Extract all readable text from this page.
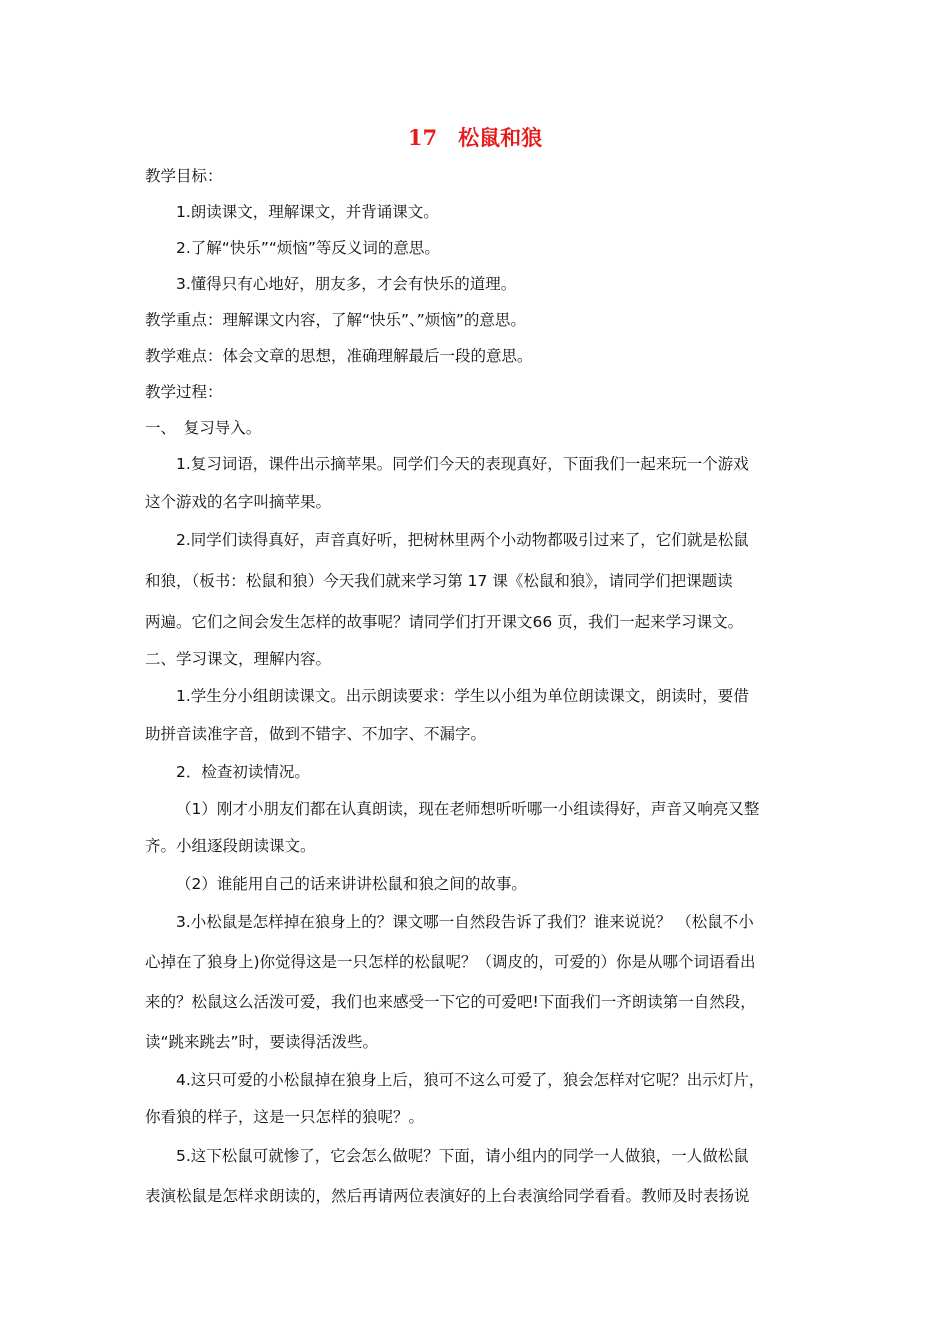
17　松鼠和狼
教学目标：
1.朗读课文，理解课文，并背诵课文。
2.了解“快乐”“烦恼”等反义词的意思。
3.懂得只有心地好，朋友多，才会有快乐的道理。
教学重点：理解课文内容，了解“快乐”、”烦恼”的意思。
教学难点：体会文章的思想，准确理解最后一段的意思。
教学过程：
一、　复习导入。
1.复习词语，课件出示摘苹果。同学们今天的表现真好，下面我们一起来玩一个游戏
这个游戏的名字叫摘苹果。
2.同学们读得真好，声音真好听，把树林里两个小动物都吸引过来了，它们就是松鼠
和狼，（板书：松鼠和狼）今天我们就来学习第 17 课《松鼠和狼》，请同学们把课题读
两遍。它们之间会发生怎样的故事呢？请同学们打开课文66 页，我们一起来学习课文。
二、学习课文，理解内容。
1.学生分小组朗读课文。出示朗读要求：学生以小组为单位朗读课文，朗读时，要借
助拼音读准字音，做到不错字、不加字、不漏字。
2．检查初读情况。
（1）刚才小朋友们都在认真朗读，现在老师想听听哪一小组读得好，声音又响亮又整
齐。小组逐段朗读课文。
（2）谁能用自己的话来讲讲松鼠和狼之间的故事。
3.小松鼠是怎样掉在狼身上的？课文哪一自然段告诉了我们？谁来说说？ （松鼠不小
心掉在了狼身上)你觉得这是一只怎样的松鼠呢？（调皮的，可爱的）你是从哪个词语看出
来的？松鼠这么活泼可爱，我们也来感受一下它的可爱吧!下面我们一齐朗读第一自然段，
读“跳来跳去”时，要读得活泼些。
4.这只可爱的小松鼠掉在狼身上后，狼可不这么可爱了，狼会怎样对它呢？出示灯片，
你看狼的样子，这是一只怎样的狼呢？。
5.这下松鼠可就惨了，它会怎么做呢？下面，请小组内的同学一人做狼，一人做松鼠
表演松鼠是怎样求朗读的，然后再请两位表演好的上台表演给同学看看。教师及时表扬说
